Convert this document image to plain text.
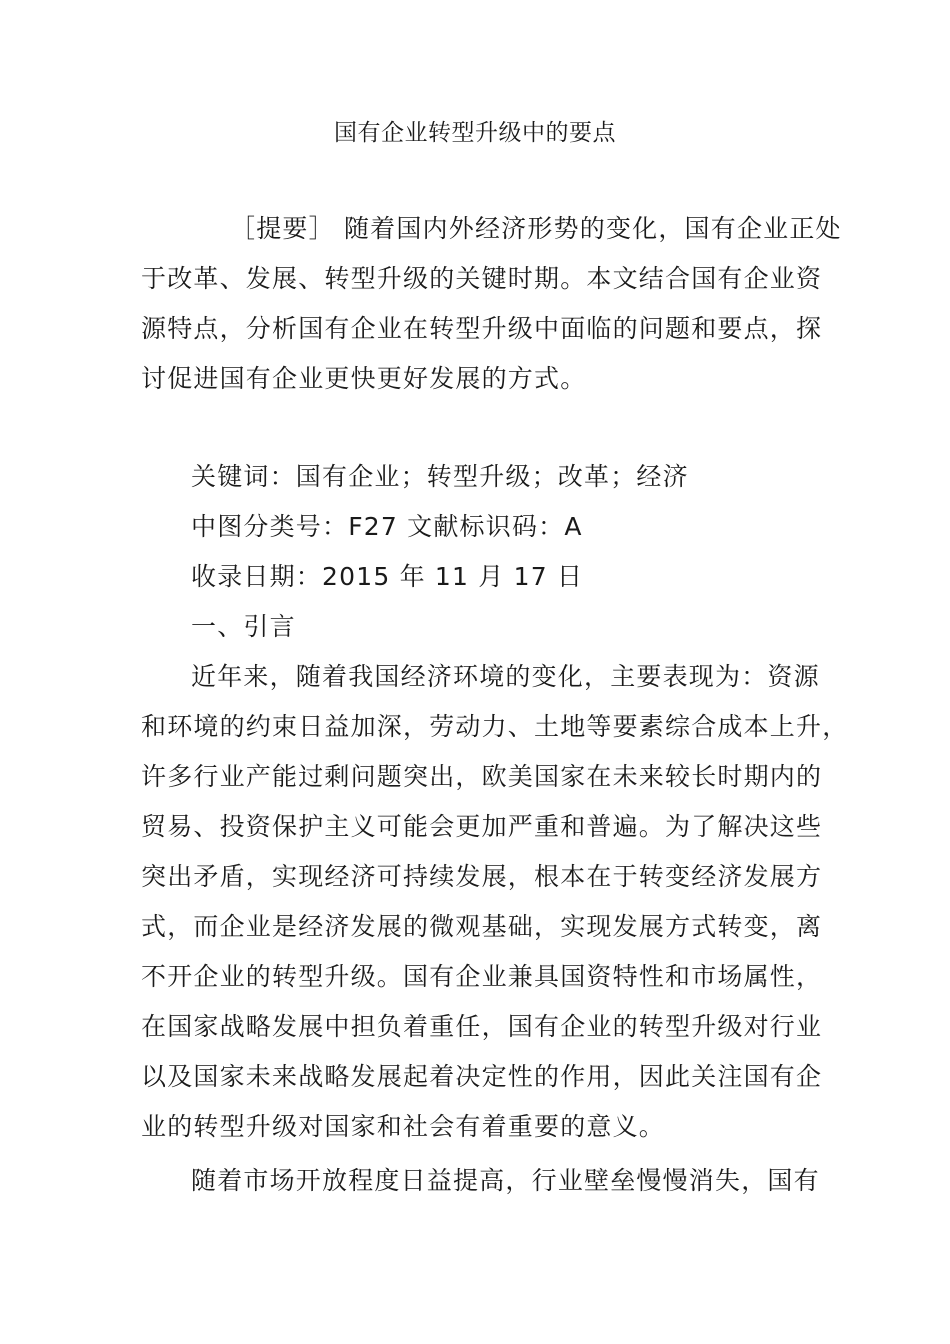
国有企业转型升级中的要点
［提要］ 随着国内外经济形势的变化，国有企业正处
于改革、发展、转型升级的关键时期。本文结合国有企业资
源特点，分析国有企业在转型升级中面临的问题和要点，探
讨促进国有企业更快更好发展的方式。
关键词：国有企业；转型升级；改革；经济
中图分类号：F27 文献标识码：A
收录日期：2015 年 11 月 17 日
一、引言
近年来，随着我国经济环境的变化，主要表现为：资源
和环境的约束日益加深，劳动力、土地等要素综合成本上升，
许多行业产能过剩问题突出，欧美国家在未来较长时期内的
贸易、投资保护主义可能会更加严重和普遍。为了解决这些
突出矛盾，实现经济可持续发展，根本在于转变经济发展方
式，而企业是经济发展的微观基础，实现发展方式转变，离
不开企业的转型升级。国有企业兼具国资特性和市场属性，
在国家战略发展中担负着重任，国有企业的转型升级对行业
以及国家未来战略发展起着决定性的作用，因此关注国有企
业的转型升级对国家和社会有着重要的意义。
随着市场开放程度日益提高，行业壁垒慢慢消失，国有
